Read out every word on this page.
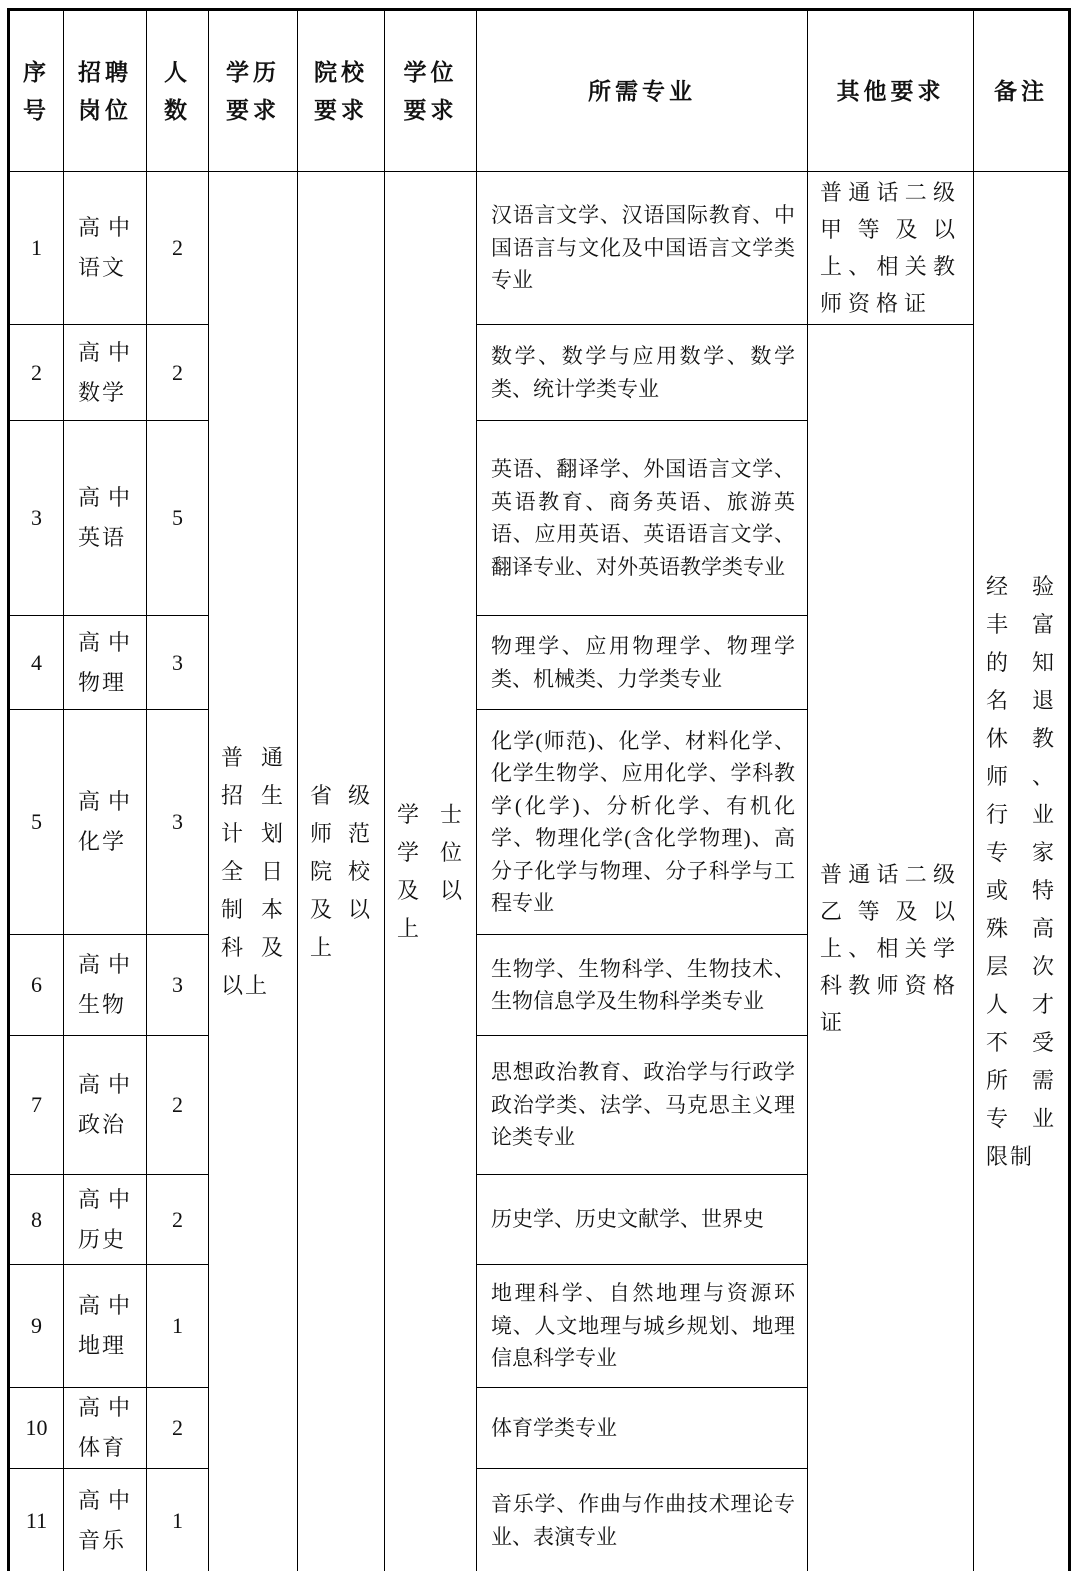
序号	招聘岗位	人数	学历要求	院校要求	学位要求	所需专业	其他要求	备注
1	高中语文	2	普通招生计划全日制本科及以上	省级师范院校及以上	学士学位及以上	汉语言文学、汉语国际教育、中国语言与文化及中国语言文学类专业	普通话二级甲等及以上、相关教师资格证	经验丰富的知名退休教师、行业专家或特殊高层次人才不受所需专业限制
2	高中数学	2				数学、数学与应用数学、数学类、统计学类专业	普通话二级乙等及以上、相关学科教师资格证	
3	高中英语	5				英语、翻译学、外国语言文学、英语教育、商务英语、旅游英语、应用英语、英语语言文学、翻译专业、对外英语教学类专业		
4	高中物理	3				物理学、应用物理学、物理学类、机械类、力学类专业		
5	高中化学	3				化学(师范)、化学、材料化学、化学生物学、应用化学、学科教学(化学)、分析化学、有机化学、物理化学(含化学物理)、高分子化学与物理、分子科学与工程专业		
6	高中生物	3				生物学、生物科学、生物技术、生物信息学及生物科学类专业		
7	高中政治	2				思想政治教育、政治学与行政学政治学类、法学、马克思主义理论类专业		
8	高中历史	2				历史学、历史文献学、世界史		
9	高中地理	1				地理科学、自然地理与资源环境、人文地理与城乡规划、地理信息科学专业		
10	高中体育	2				体育学类专业		
11	高中音乐	1				音乐学、作曲与作曲技术理论专业、表演专业		
